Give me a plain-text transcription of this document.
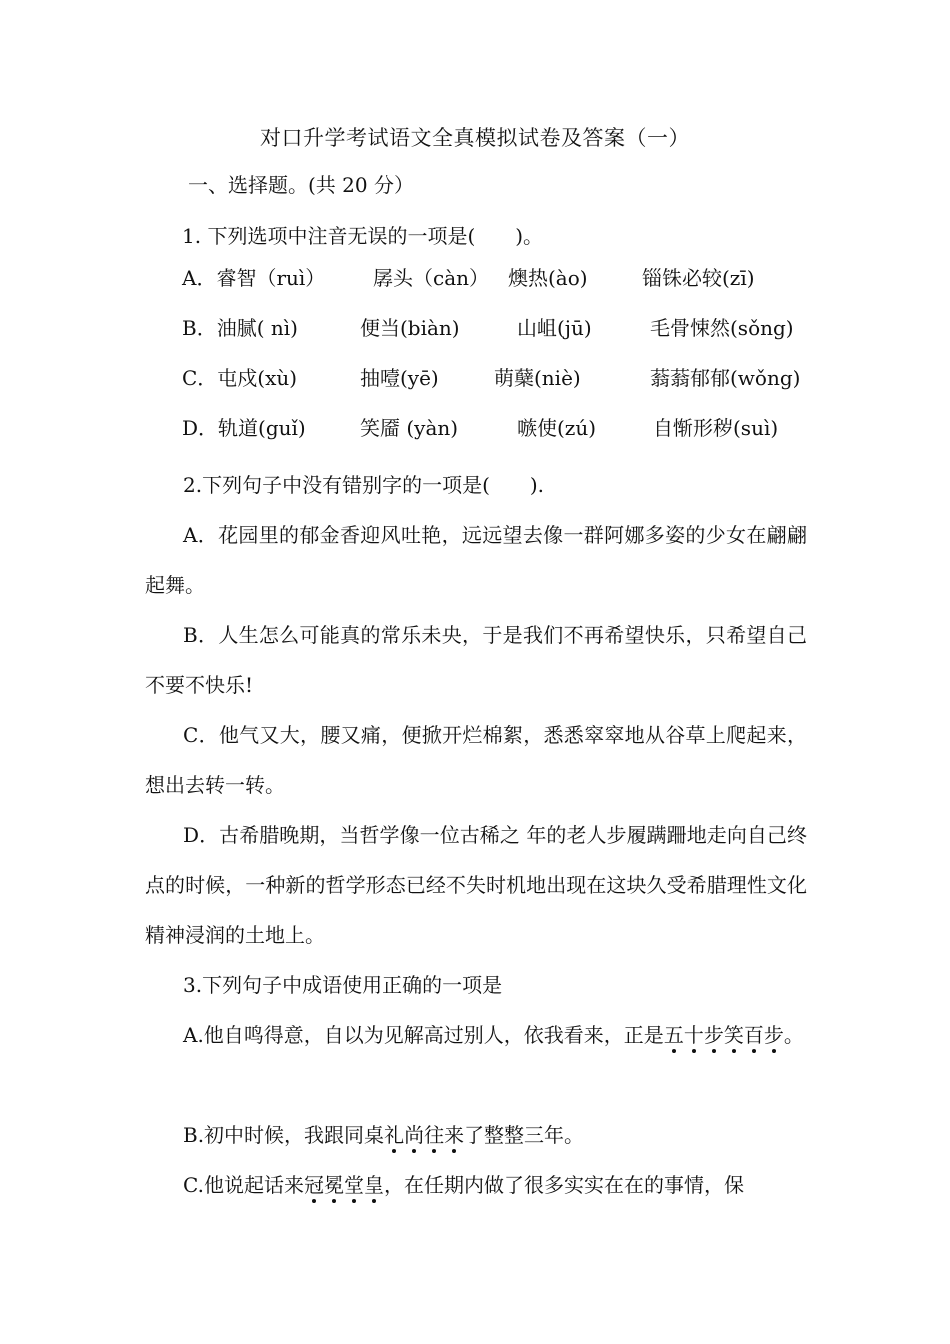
对口升学考试语文全真模拟试卷及答案（一）
一、选择题。(共 20 分）
1. 下列选项中注音无误的一项是(　　)。
A．睿智（ruì） 孱头（càn） 燠热(ào)	锱铢必较(zī)
B．油腻( nì)	便当(biàn)	山岨(jū)	毛骨悚然(sǒng)
C．屯戍(xù)	抽噎(yē)	萌蘖(niè)	蓊蓊郁郁(wǒng)
D．轨道(guǐ)	笑靥 (yàn)	嗾使(zú)	自惭形秽(suì)
2.下列句子中没有错别字的一项是(　　).
A．花园里的郁金香迎风吐艳，远远望去像一群阿娜多姿的少女在翩翩起舞。
B．人生怎么可能真的常乐未央，于是我们不再希望快乐，只希望自己不要不快乐!
C．他气又大，腰又痛，便掀开烂棉絮，悉悉窣窣地从谷草上爬起来，想出去转一转。
D．古希腊晚期，当哲学像一位古稀之 年的老人步履蹒跚地走向自己终点的时候，一种新的哲学形态已经不失时机地出现在这块久受希腊理性文化精神浸润的土地上。
3.下列句子中成语使用正确的一项是
A.他自鸣得意，自以为见解高过别人，依我看来，正是五十步笑百步。
B.初中时候，我跟同桌礼尚往来了整整三年。
C.他说起话来冠冕堂皇，在任期内做了很多实实在在的事情，保
